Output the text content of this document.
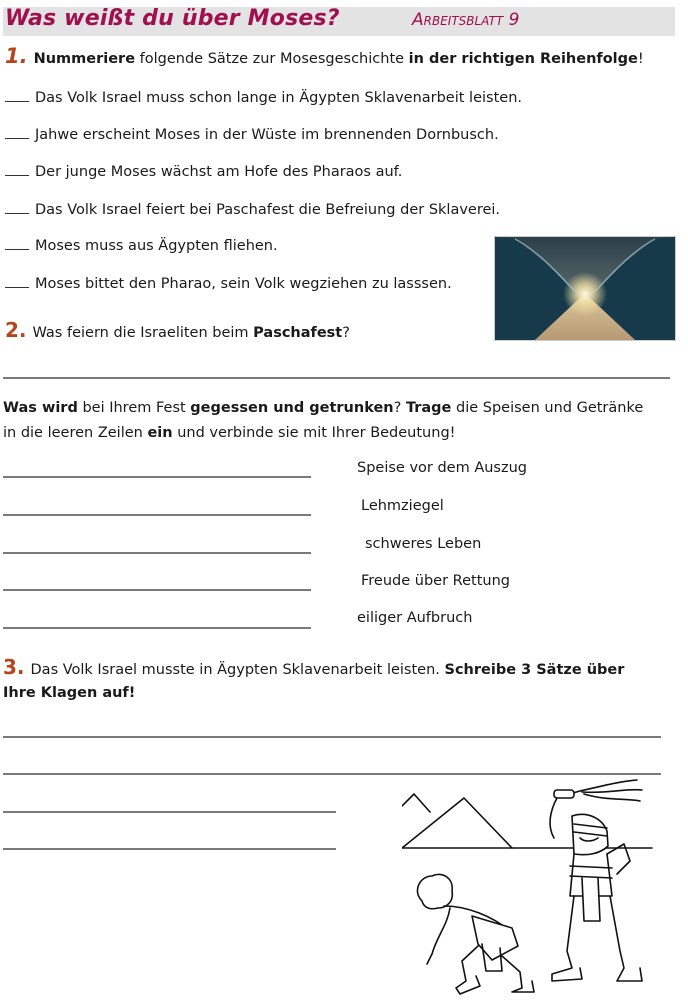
Was weißt du über Moses?	Arbeitsblatt 9
1. Nummeriere folgende Sätze zur Mosesgeschichte in der richtigen Reihenfolge!
Das Volk Israel muss schon lange in Ägypten Sklavenarbeit leisten.
Jahwe erscheint Moses in der Wüste im brennenden Dornbusch.
Der junge Moses wächst am Hofe des Pharaos auf.
Das Volk Israel feiert bei Paschafest die Befreiung der Sklaverei.
Moses muss aus Ägypten fliehen.
Moses bittet den Pharao, sein Volk wegziehen zu lasssen.
2. Was feiern die Israeliten beim Paschafest?
Was wird bei Ihrem Fest gegessen und getrunken? Trage die Speisen und Getränke
in die leeren Zeilen ein und verbinde sie mit Ihrer Bedeutung!
Speise vor dem Auszug
Lehmziegel
schweres Leben
Freude über Rettung
eiliger Aufbruch
3. Das Volk Israel musste in Ägypten Sklavenarbeit leisten. Schreibe 3 Sätze über
Ihre Klagen auf!
